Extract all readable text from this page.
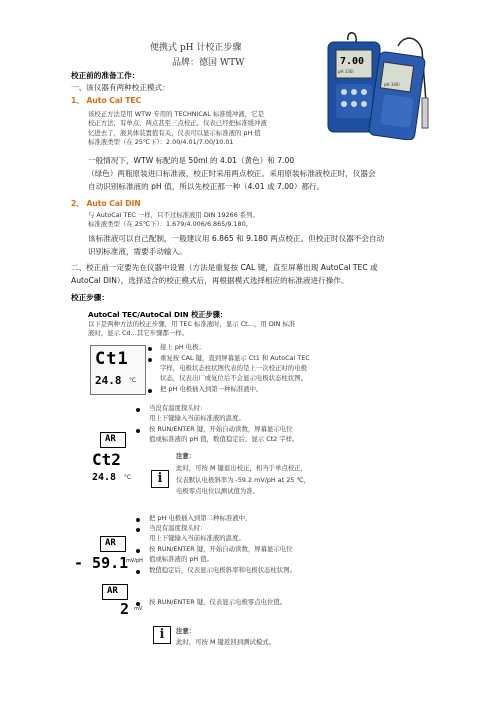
便携式 pH 计校正步骤
品牌：德国 WTW	7.00
pH 330i
pH 340i
校正前的准备工作：
一、该仪器有两种校正模式：
1、 Auto Cal TEC
该校正方法是用 WTW 专用的 TECHNICAL 标准缓冲液，它是
校正方法，有单点、两点甚至三点校正。仪表已经把标准缓冲液
忆进去了，液具体装置值有关，仪表可以显示标准液的 pH 值
标准液类型（在 25℃下）：2.00/4.01/7.00/10.01
一般情况下，WTW 标配的是 50ml 的 4.01（黄色）和 7.00
（绿色）两瓶原装进口标准液，校正时采用两点校正。采用原装标准液校正时，仪器会
自动识别标准液的 pH 值，所以先校正那一种（4.01 或 7.00）都行。
2、 Auto Cal DIN
与 AutoCal TEC 一样，只不过标准液用 DIN 19266 系列。
标准液类型（在 25℃下）：1.679/4.006/6.865/9.180。
该标准液可以自己配制，一般建议用 6.865 和 9.180 两点校正。但校正时仪器不会自动
识别标准液，需要手动输入。
二、校正前一定要先在仪器中设置（方法是重复按 CAL 键，直至屏幕出现 AutoCal TEC 或
AutoCal DIN），选择适合的校正模式后，再根据模式选择相应的标准液进行操作。
校正步骤：
AutoCal TEC/AutoCal DIN 校正步骤：
以下是两种方法的校正步骤，用 TEC 标准液时，显示 Ct…，用 DIN 标准
液时，显示 Cd…其它步骤都一样。
Ct1
24.8 °C
接上 pH 电极；
重复按 CAL 键，直到屏幕显示 Ct1 和 AutoCal TEC
字样，电极状态柱状图代表的是上一次校正时的电极
状态，仪表出厂或复位后不会显示电极状态柱状图。
把 pH 电极插入到第一种标准液中。
AR
Ct2
24.8 °C
当没有温度探头时：
用上下键输入当前标准液的温度。
按 RUN/ENTER 键，开始自动读数，屏幕显示电位
值或标准液的 pH 值，数值稳定后，显示 Ct2 字样。
i
注意：
此时，可按 M 键退出校正，相当于单点校正，
仪表默认电极斜率为 -59.2 mV/pH at 25 ℃，
电极零点电位以测试值为准。
把 pH 电极插入到第二种标准液中，
当没有温度探头时：
用上下键输入当前标准液的温度。
按 RUN/ENTER 键，开始自动读数，屏幕显示电位
值或标准液的 pH 值。
数值稳定后，仪表显示电极斜率和电极状态柱状图。
AR
- 59.1
mV/pH
按 RUN/ENTER 键，仪表显示电极零点电位值。
AR
2 mV
i	注意：
此时，可按 M 键返回到测试模式。
